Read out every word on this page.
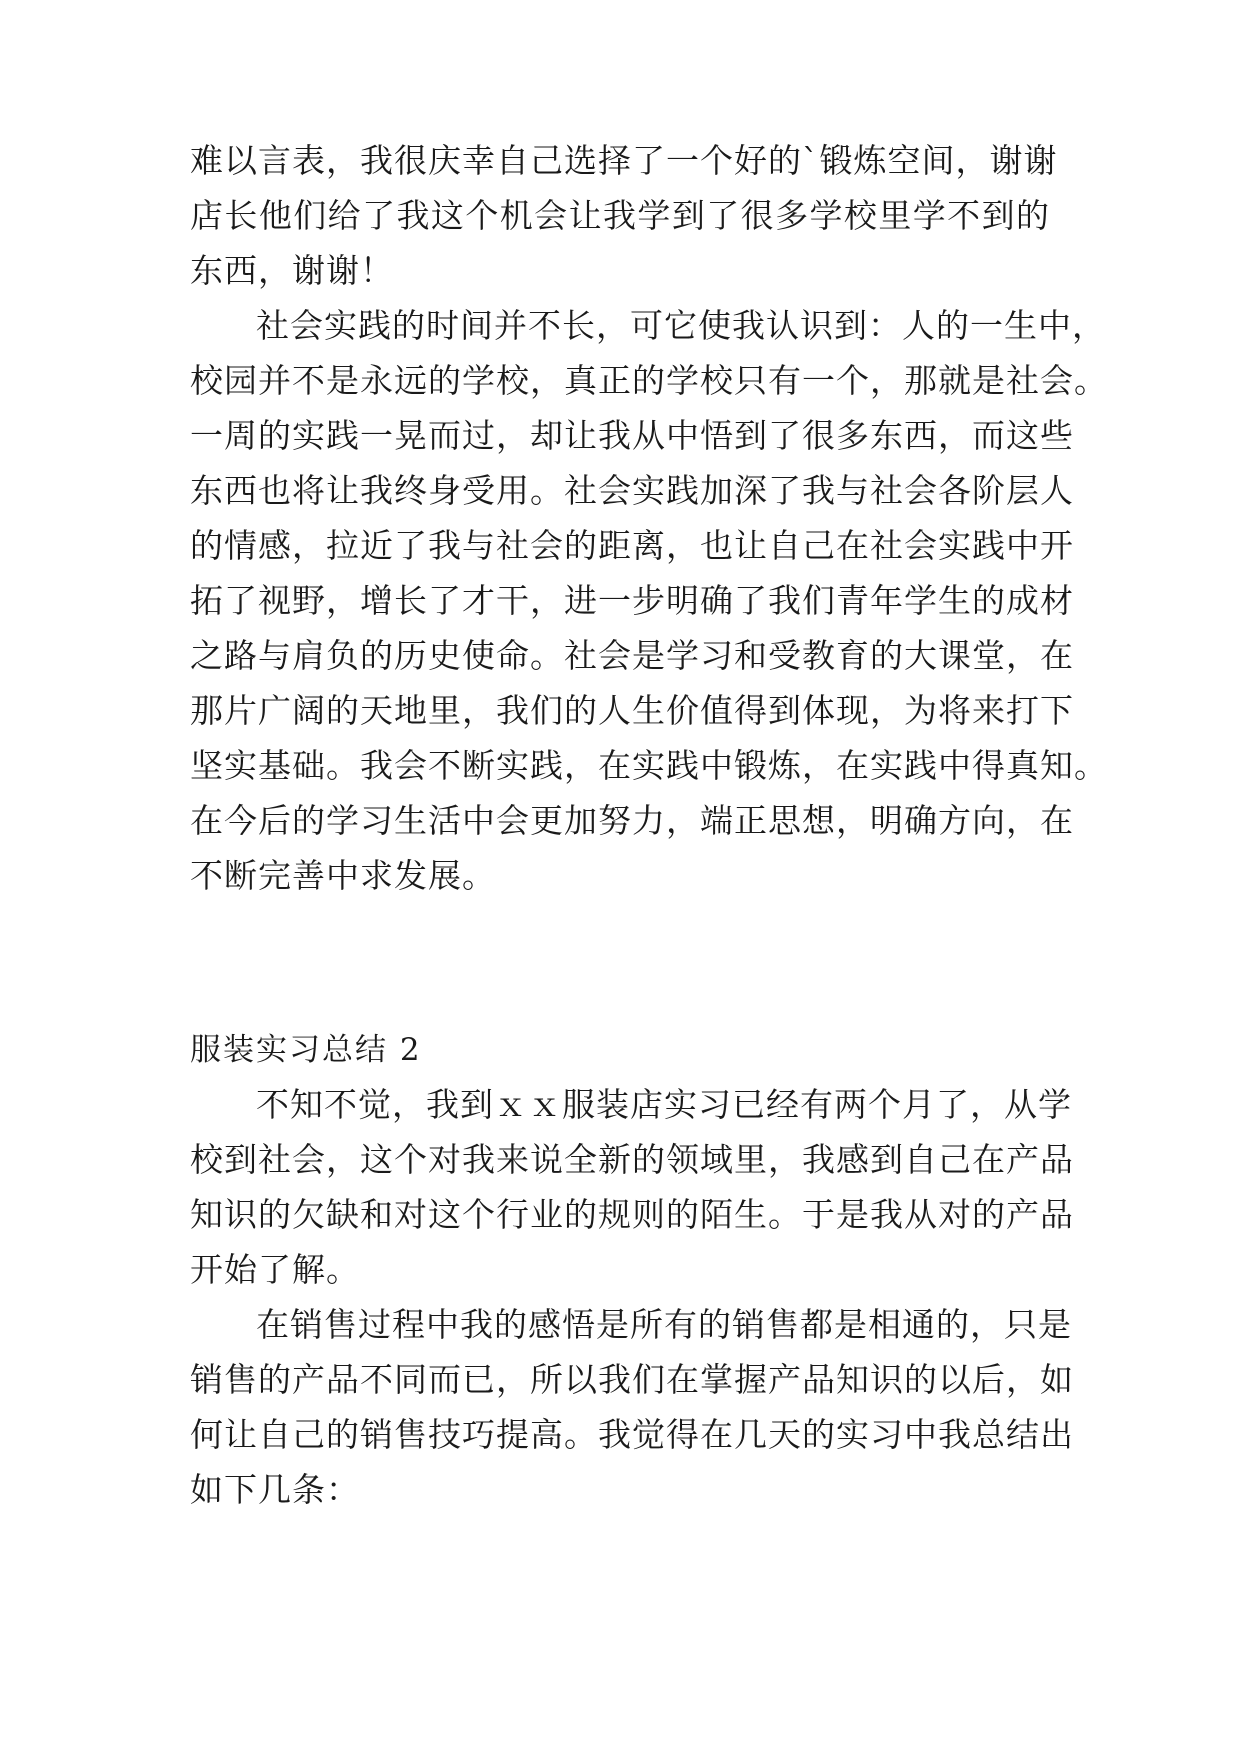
难以言表，我很庆幸自己选择了一个好的`锻炼空间，谢谢
店长他们给了我这个机会让我学到了很多学校里学不到的
东西，谢谢！
社会实践的时间并不长，可它使我认识到：人的一生中，
校园并不是永远的学校，真正的学校只有一个，那就是社会。
一周的实践一晃而过，却让我从中悟到了很多东西，而这些
东西也将让我终身受用。社会实践加深了我与社会各阶层人
的情感，拉近了我与社会的距离，也让自己在社会实践中开
拓了视野，增长了才干，进一步明确了我们青年学生的成材
之路与肩负的历史使命。社会是学习和受教育的大课堂，在
那片广阔的天地里，我们的人生价值得到体现，为将来打下
坚实基础。我会不断实践，在实践中锻炼，在实践中得真知。
在今后的学习生活中会更加努力，端正思想，明确方向，在
不断完善中求发展。
服装实习总结 2
不知不觉，我到ｘｘ服装店实习已经有两个月了，从学
校到社会，这个对我来说全新的领域里，我感到自己在产品
知识的欠缺和对这个行业的规则的陌生。于是我从对的产品
开始了解。
在销售过程中我的感悟是所有的销售都是相通的，只是
销售的产品不同而已，所以我们在掌握产品知识的以后，如
何让自己的销售技巧提高。我觉得在几天的实习中我总结出
如下几条：
